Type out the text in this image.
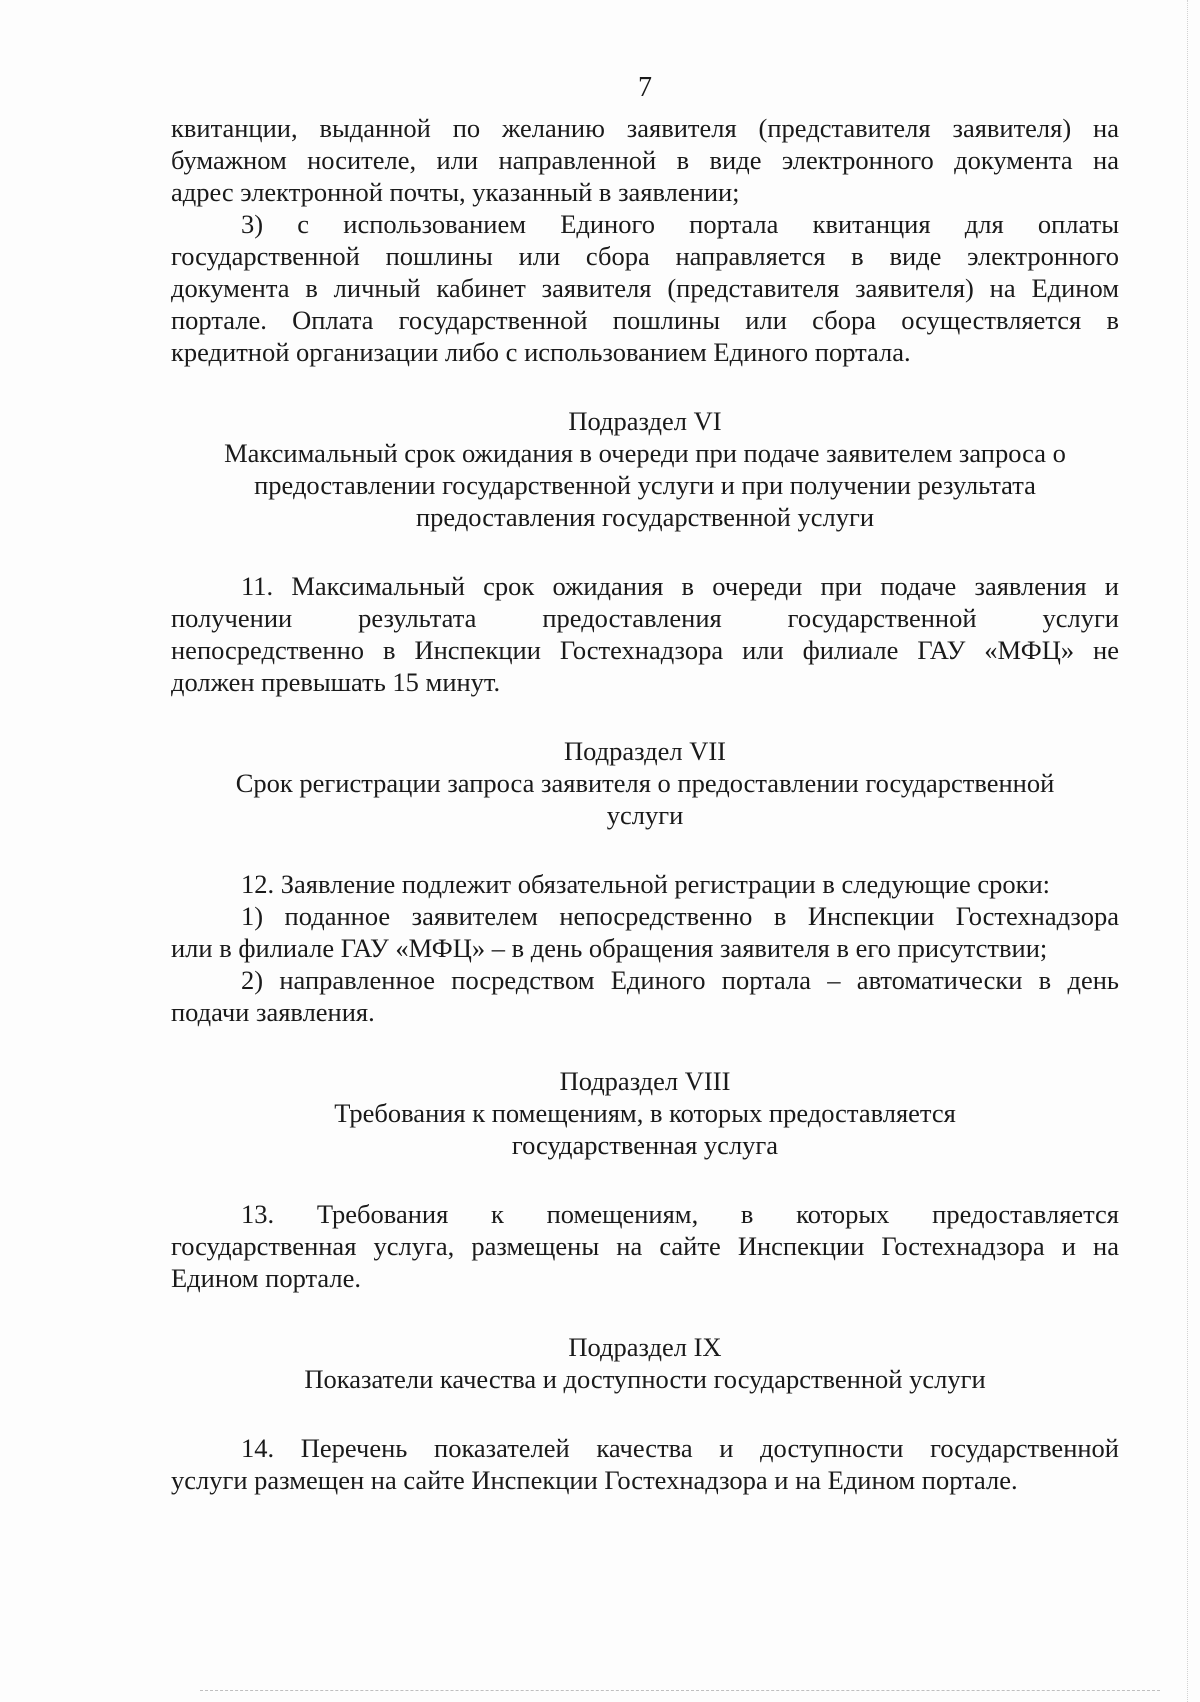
7

квитанции, выданной по желанию заявителя (представителя заявителя) на
бумажном носителе, или направленной в виде электронного документа на
адрес электронной почты, указанный в заявлении;

3) с использованием Единого портала квитанция для оплаты

государственной пошлины или сбора направляется в виде электронного
документа в личный кабинет заявителя (представителя заявителя) на Едином
портале. Оплата государственной пошлины или сбора осуществляется в
кредитной организации либо с использованием Единого портала.

Подраздел VI
Максимальный срок ожидания в очереди при подаче заявителем запроса о
предоставлении государственной услуги и при получении результата
предоставления государственной услуги

11. Максимальный срок ожидания в очереди при подаче заявления и

получении результата предоставления государственной услуги
непосредственно в Инспекции Гостехнадзора или филиале ГАУ «МФЦ» не
должен превышать 15 минут.

Подраздел VII
Срок регистрации запроса заявителя о предоставлении государственной
услуги

12. Заявление подлежит обязательной регистрации в следующие сроки:

1) поданное заявителем непосредственно в Инспекции Гостехнадзора

или в филиале ГАУ «МФЦ» – в день обращения заявителя в его присутствии;

2) направленное посредством Единого портала – автоматически в день

подачи заявления.

Подраздел VIII
Требования к помещениям, в которых предоставляется
государственная услуга

13. Требования к помещениям, в которых предоставляется

государственная услуга, размещены на сайте Инспекции Гостехнадзора и на
Едином портале.

Подраздел IX
Показатели качества и доступности государственной услуги

14. Перечень показателей качества и доступности государственной

услуги размещен на сайте Инспекции Гостехнадзора и на Едином портале.
